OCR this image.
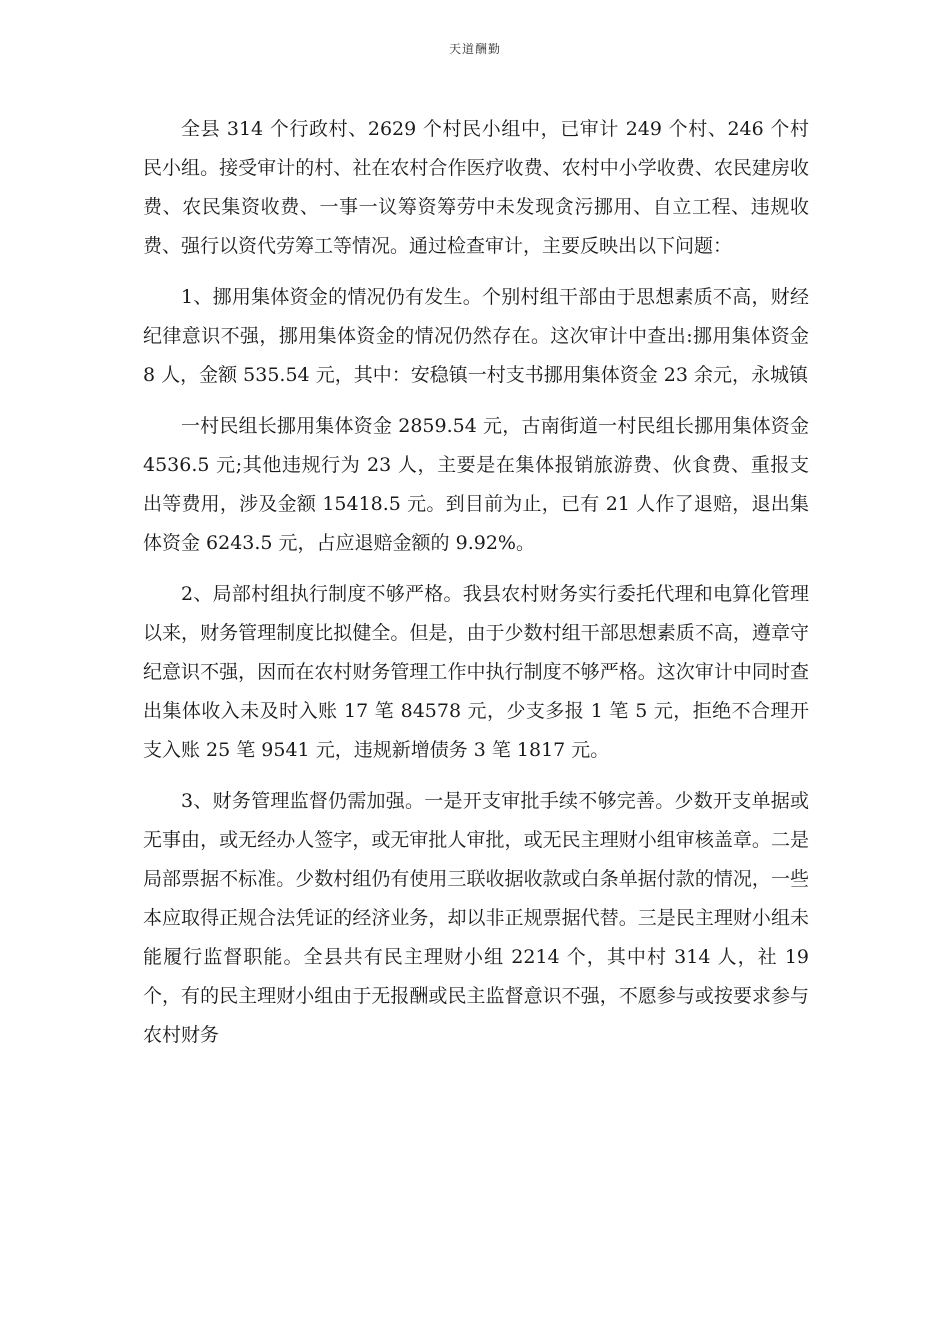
天道酬勤

全县 314 个行政村、2629 个村民小组中，已审计 249 个村、246 个村民小组。接受审计的村、社在农村合作医疗收费、农村中小学收费、农民建房收费、农民集资收费、一事一议筹资筹劳中未发现贪污挪用、自立工程、违规收费、强行以资代劳筹工等情况。通过检查审计，主要反映出以下问题：

1、挪用集体资金的情况仍有发生。个别村组干部由于思想素质不高，财经纪律意识不强，挪用集体资金的情况仍然存在。这次审计中查出:挪用集体资金 8 人，金额 535.54 元，其中：安稳镇一村支书挪用集体资金 23 余元，永城镇

一村民组长挪用集体资金 2859.54 元，古南街道一村民组长挪用集体资金 4536.5 元;其他违规行为 23 人，主要是在集体报销旅游费、伙食费、重报支出等费用，涉及金额 15418.5 元。到目前为止，已有 21 人作了退赔，退出集体资金 6243.5 元，占应退赔金额的 9.92%。

2、局部村组执行制度不够严格。我县农村财务实行委托代理和电算化管理以来，财务管理制度比拟健全。但是，由于少数村组干部思想素质不高，遵章守纪意识不强，因而在农村财务管理工作中执行制度不够严格。这次审计中同时查出集体收入未及时入账 17 笔 84578 元，少支多报 1 笔 5 元，拒绝不合理开支入账 25 笔 9541 元，违规新增债务 3 笔 1817 元。

3、财务管理监督仍需加强。一是开支审批手续不够完善。少数开支单据或无事由，或无经办人签字，或无审批人审批，或无民主理财小组审核盖章。二是局部票据不标准。少数村组仍有使用三联收据收款或白条单据付款的情况，一些本应取得正规合法凭证的经济业务，却以非正规票据代替。三是民主理财小组未能履行监督职能。全县共有民主理财小组 2214 个，其中村 314 人，社 19 个，有的民主理财小组由于无报酬或民主监督意识不强，不愿参与或按要求参与农村财务
